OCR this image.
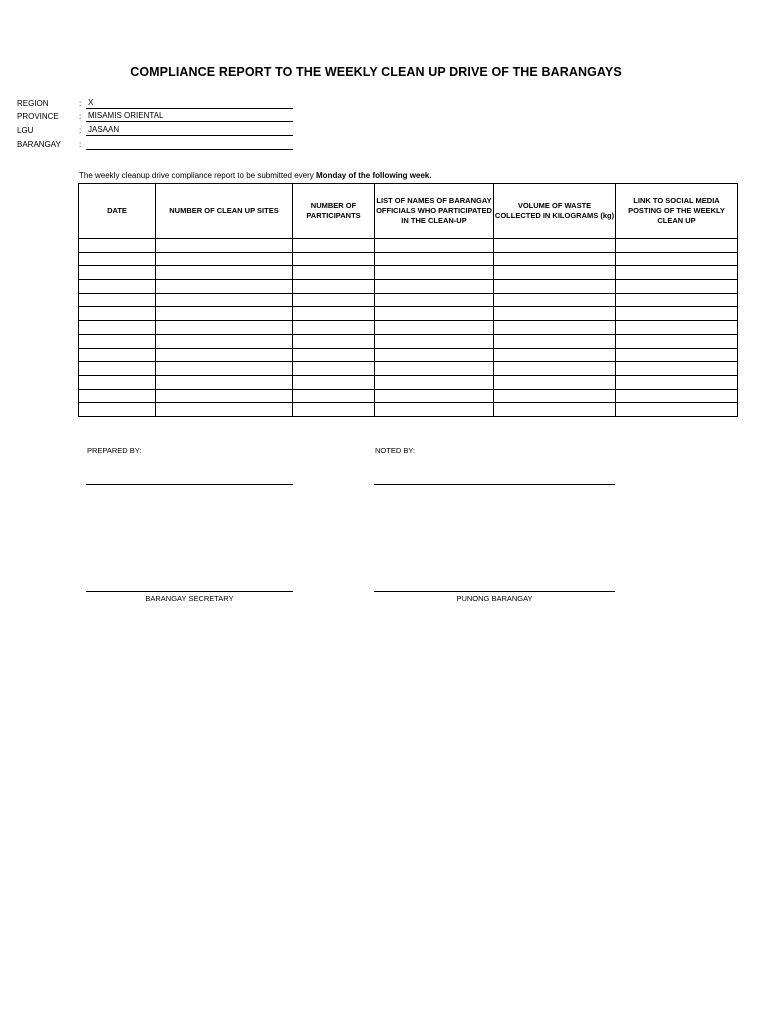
COMPLIANCE REPORT TO THE WEEKLY CLEAN UP DRIVE OF THE BARANGAYS
REGION	: X
PROVINCE	: MISAMIS ORIENTAL
LGU	: JASAAN
BARANGAY	:
The weekly cleanup drive compliance report to be submitted every Monday of the following week.
DATE	NUMBER OF CLEAN UP SITES	NUMBER OF PARTICIPANTS	LIST OF NAMES OF BARANGAY OFFICIALS WHO PARTICIPATED IN THE CLEAN-UP	VOLUME OF WASTE COLLECTED IN KILOGRAMS (kg)	LINK TO SOCIAL MEDIA POSTING OF THE WEEKLY CLEAN UP

PREPARED BY:	NOTED BY:
BARANGAY SECRETARY	PUNONG BARANGAY
